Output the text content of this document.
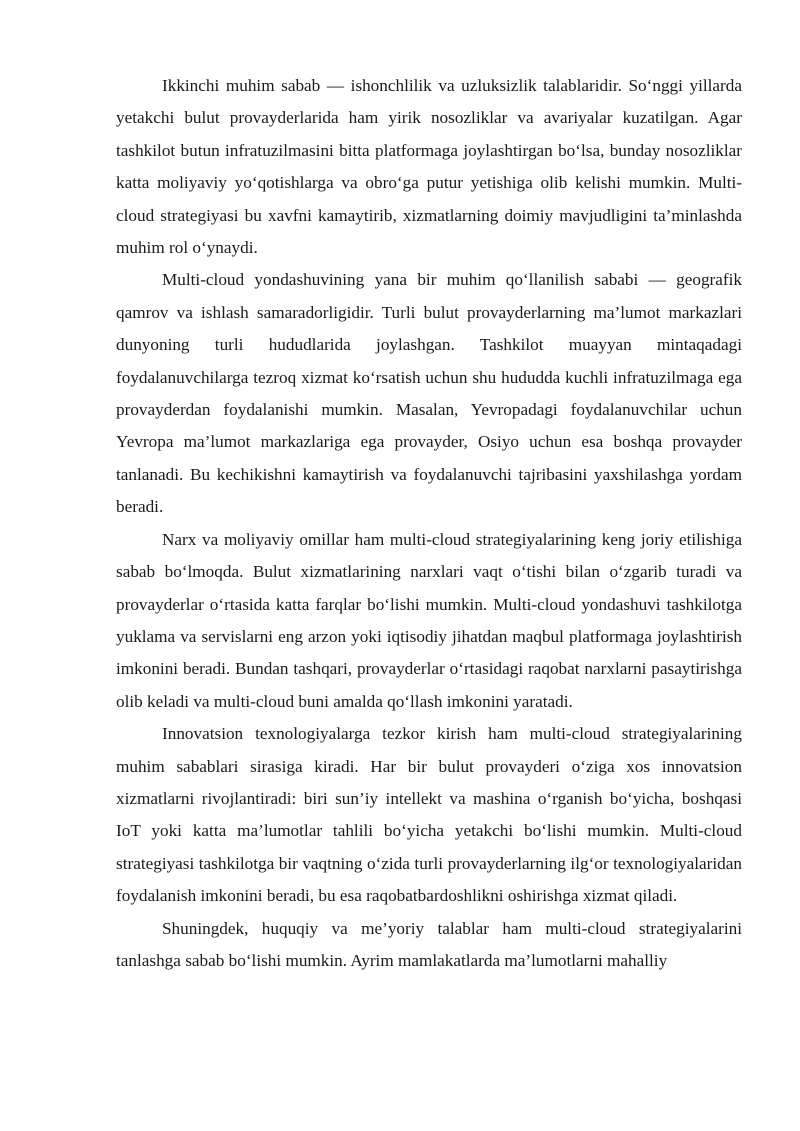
Ikkinchi muhim sabab — ishonchlilik va uzluksizlik talablaridir. So‘nggi yillarda yetakchi bulut provayderlarida ham yirik nosozliklar va avariyalar kuzatilgan. Agar tashkilot butun infratuzilmasini bitta platformaga joylashtirgan bo‘lsa, bunday nosozliklar katta moliyaviy yo‘qotishlarga va obro‘ga putur yetishiga olib kelishi mumkin. Multi-cloud strategiyasi bu xavfni kamaytirib, xizmatlarning doimiy mavjudligini ta’minlashda muhim rol o‘ynaydi.

Multi-cloud yondashuvining yana bir muhim qo‘llanilish sababi — geografik qamrov va ishlash samaradorligidir. Turli bulut provayderlarning ma’lumot markazlari dunyoning turli hududlarida joylashgan. Tashkilot muayyan mintaqadagi foydalanuvchilarga tezroq xizmat ko‘rsatish uchun shu hududda kuchli infratuzilmaga ega provayderdan foydalanishi mumkin. Masalan, Yevropadagi foydalanuvchilar uchun Yevropa ma’lumot markazlariga ega provayder, Osiyo uchun esa boshqa provayder tanlanadi. Bu kechikishni kamaytirish va foydalanuvchi tajribasini yaxshilashga yordam beradi.

Narx va moliyaviy omillar ham multi-cloud strategiyalarining keng joriy etilishiga sabab bo‘lmoqda. Bulut xizmatlarining narxlari vaqt o‘tishi bilan o‘zgarib turadi va provayderlar o‘rtasida katta farqlar bo‘lishi mumkin. Multi-cloud yondashuvi tashkilotga yuklama va servislarni eng arzon yoki iqtisodiy jihatdan maqbul platformaga joylashtirish imkonini beradi. Bundan tashqari, provayderlar o‘rtasidagi raqobat narxlarni pasaytirishga olib keladi va multi-cloud buni amalda qo‘llash imkonini yaratadi.

Innovatsion texnologiyalarga tezkor kirish ham multi-cloud strategiyalarining muhim sabablari sirasiga kiradi. Har bir bulut provayderi o‘ziga xos innovatsion xizmatlarni rivojlantiradi: biri sun’iy intellekt va mashina o‘rganish bo‘yicha, boshqasi IoT yoki katta ma’lumotlar tahlili bo‘yicha yetakchi bo‘lishi mumkin. Multi-cloud strategiyasi tashkilotga bir vaqtning o‘zida turli provayderlarning ilg‘or texnologiyalaridan foydalanish imkonini beradi, bu esa raqobatbardoshlikni oshirishga xizmat qiladi.

Shuningdek, huquqiy va me’yoriy talablar ham multi-cloud strategiyalarini tanlashga sabab bo‘lishi mumkin. Ayrim mamlakatlarda ma’lumotlarni mahalliy
